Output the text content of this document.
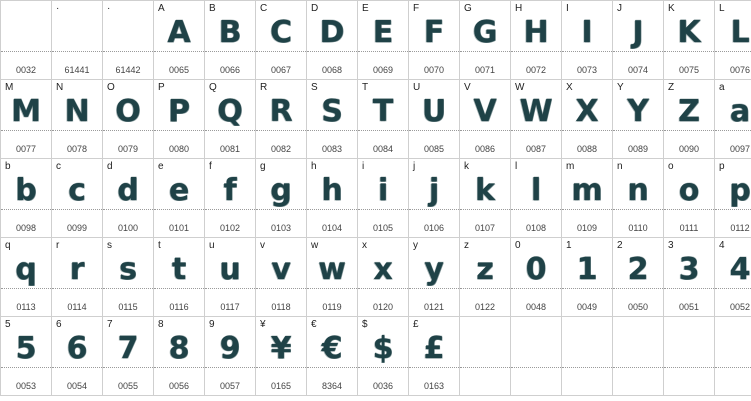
0032

·
61441

·
61442

A
A
0065

B
B
0066

C
C
0067

D
D
0068

E
E
0069

F
F
0070

G
G
0071

H
H
0072

I
I
0073

J
J
0074

K
K
0075

L
L
0076

M
M
0077

N
N
0078

O
O
0079

P
P
0080

Q
Q
0081

R
R
0082

S
S
0083

T
T
0084

U
U
0085

V
V
0086

W
W
0087

X
X
0088

Y
Y
0089

Z
Z
0090

a
a
0097

b
b
0098

c
c
0099

d
d
0100

e
e
0101

f
f
0102

g
g
0103

h
h
0104

i
i
0105

j
j
0106

k
k
0107

l
l
0108

m
m
0109

n
n
0110

o
o
0111

p
p
0112

q
q
0113

r
r
0114

s
s
0115

t
t
0116

u
u
0117

v
v
0118

w
w
0119

x
x
0120

y
y
0121

z
z
0122

0
0
0048

1
1
0049

2
2
0050

3
3
0051

4
4
0052

5
5
0053

6
6
0054

7
7
0055

8
8
0056

9
9
0057

¥
¥
0165

€
€
8364

$
$
0036

£
£
0163
